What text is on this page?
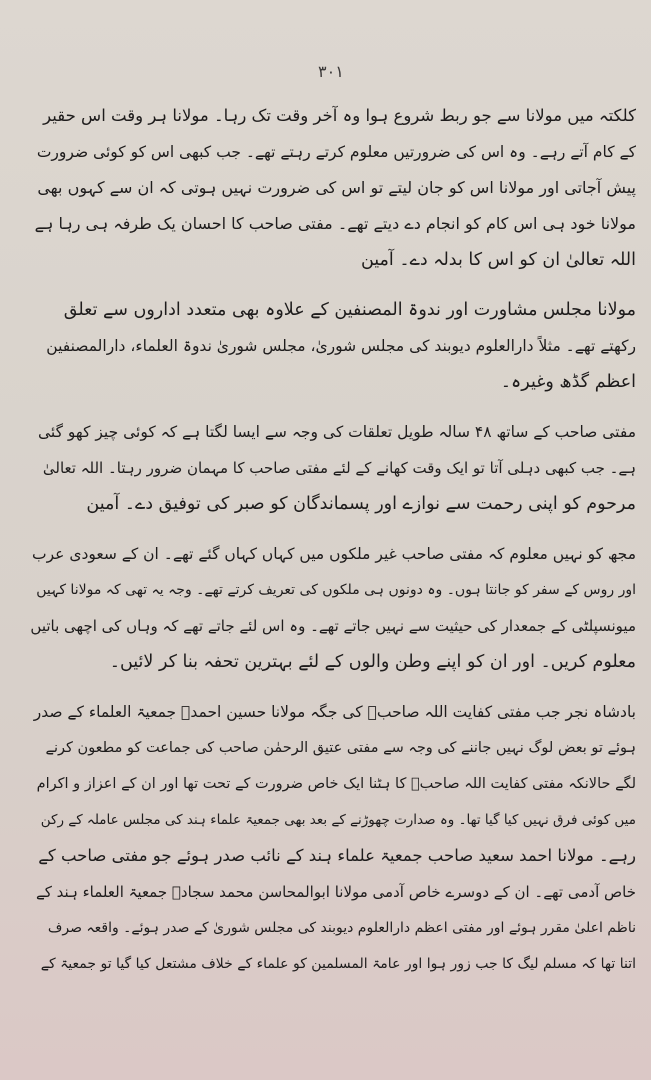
۳۰۱
کلکتہ میں مولانا سے جو ربط شروع ہوا وہ آخر وقت تک رہا۔ مولانا ہر وقت اس حقیر
کے کام آتے رہے۔ وہ اس کی ضرورتیں معلوم کرتے رہتے تھے۔ جب کبھی اس کو کوئی ضرورت
پیش آجاتی اور مولانا اس کو جان لیتے تو اس کی ضرورت نہیں ہوتی کہ ان سے کہوں بھی
مولانا خود ہی اس کام کو انجام دے دیتے تھے۔ مفتی صاحب کا احسان یک طرفہ ہی رہا ہے
اللہ تعالیٰ ان کو اس کا بدلہ دے۔ آمین
مولانا مجلس مشاورت اور ندوۃ المصنفین کے علاوہ بھی متعدد اداروں سے تعلق
رکھتے تھے۔ مثلاً دارالعلوم دیوبند کی مجلس شوریٰ، مجلس شوریٰ ندوۃ العلماء، دارالمصنفین
اعظم گڈھ وغیرہ۔
مفتی صاحب کے ساتھ ۴۸ سالہ طویل تعلقات کی وجہ سے ایسا لگتا ہے کہ کوئی چیز کھو گئی
ہے۔ جب کبھی دہلی آتا تو ایک وقت کھانے کے لئے مفتی صاحب کا مہمان ضرور رہتا۔ اللہ تعالیٰ
مرحوم کو اپنی رحمت سے نوازے اور پسماندگان کو صبر کی توفیق دے۔ آمین
مجھ کو نہیں معلوم کہ مفتی صاحب غیر ملکوں میں کہاں کہاں گئے تھے۔ ان کے سعودی عرب
اور روس کے سفر کو جانتا ہوں۔ وہ دونوں ہی ملکوں کی تعریف کرتے تھے۔ وجہ یہ تھی کہ مولانا کہیں
میونسپلٹی کے جمعدار کی حیثیت سے نہیں جاتے تھے۔ وہ اس لئے جاتے تھے کہ وہاں کی اچھی باتیں
معلوم کریں۔ اور ان کو اپنے وطن والوں کے لئے بہترین تحفہ بنا کر لائیں۔
بادشاہ نجر جب مفتی کفایت اللہ صاحبؒ کی جگہ مولانا حسین احمدؒ جمعیۃ العلماء کے صدر
ہوئے تو بعض لوگ نہیں جاننے کی وجہ سے مفتی عتیق الرحمٰن صاحب کی جماعت کو مطعون کرنے
لگے حالانکہ مفتی کفایت اللہ صاحبؒ کا ہٹنا ایک خاص ضرورت کے تحت تھا اور ان کے اعزاز و اکرام
میں کوئی فرق نہیں کیا گیا تھا۔ وہ صدارت چھوڑنے کے بعد بھی جمعیۃ علماء ہند کی مجلس عاملہ کے رکن
رہے۔ مولانا احمد سعید صاحب جمعیۃ علماء ہند کے نائب صدر ہوئے جو مفتی صاحب کے
خاص آدمی تھے۔ ان کے دوسرے خاص آدمی مولانا ابوالمحاسن محمد سجادؒ جمعیۃ العلماء ہند کے
ناظم اعلیٰ مقرر ہوئے اور مفتی اعظم دارالعلوم دیوبند کی مجلس شوریٰ کے صدر ہوئے۔ واقعہ صرف
اتنا تھا کہ مسلم لیگ کا جب زور ہوا اور عامۃ المسلمین کو علماء کے خلاف مشتعل کیا گیا تو جمعیۃ کے
